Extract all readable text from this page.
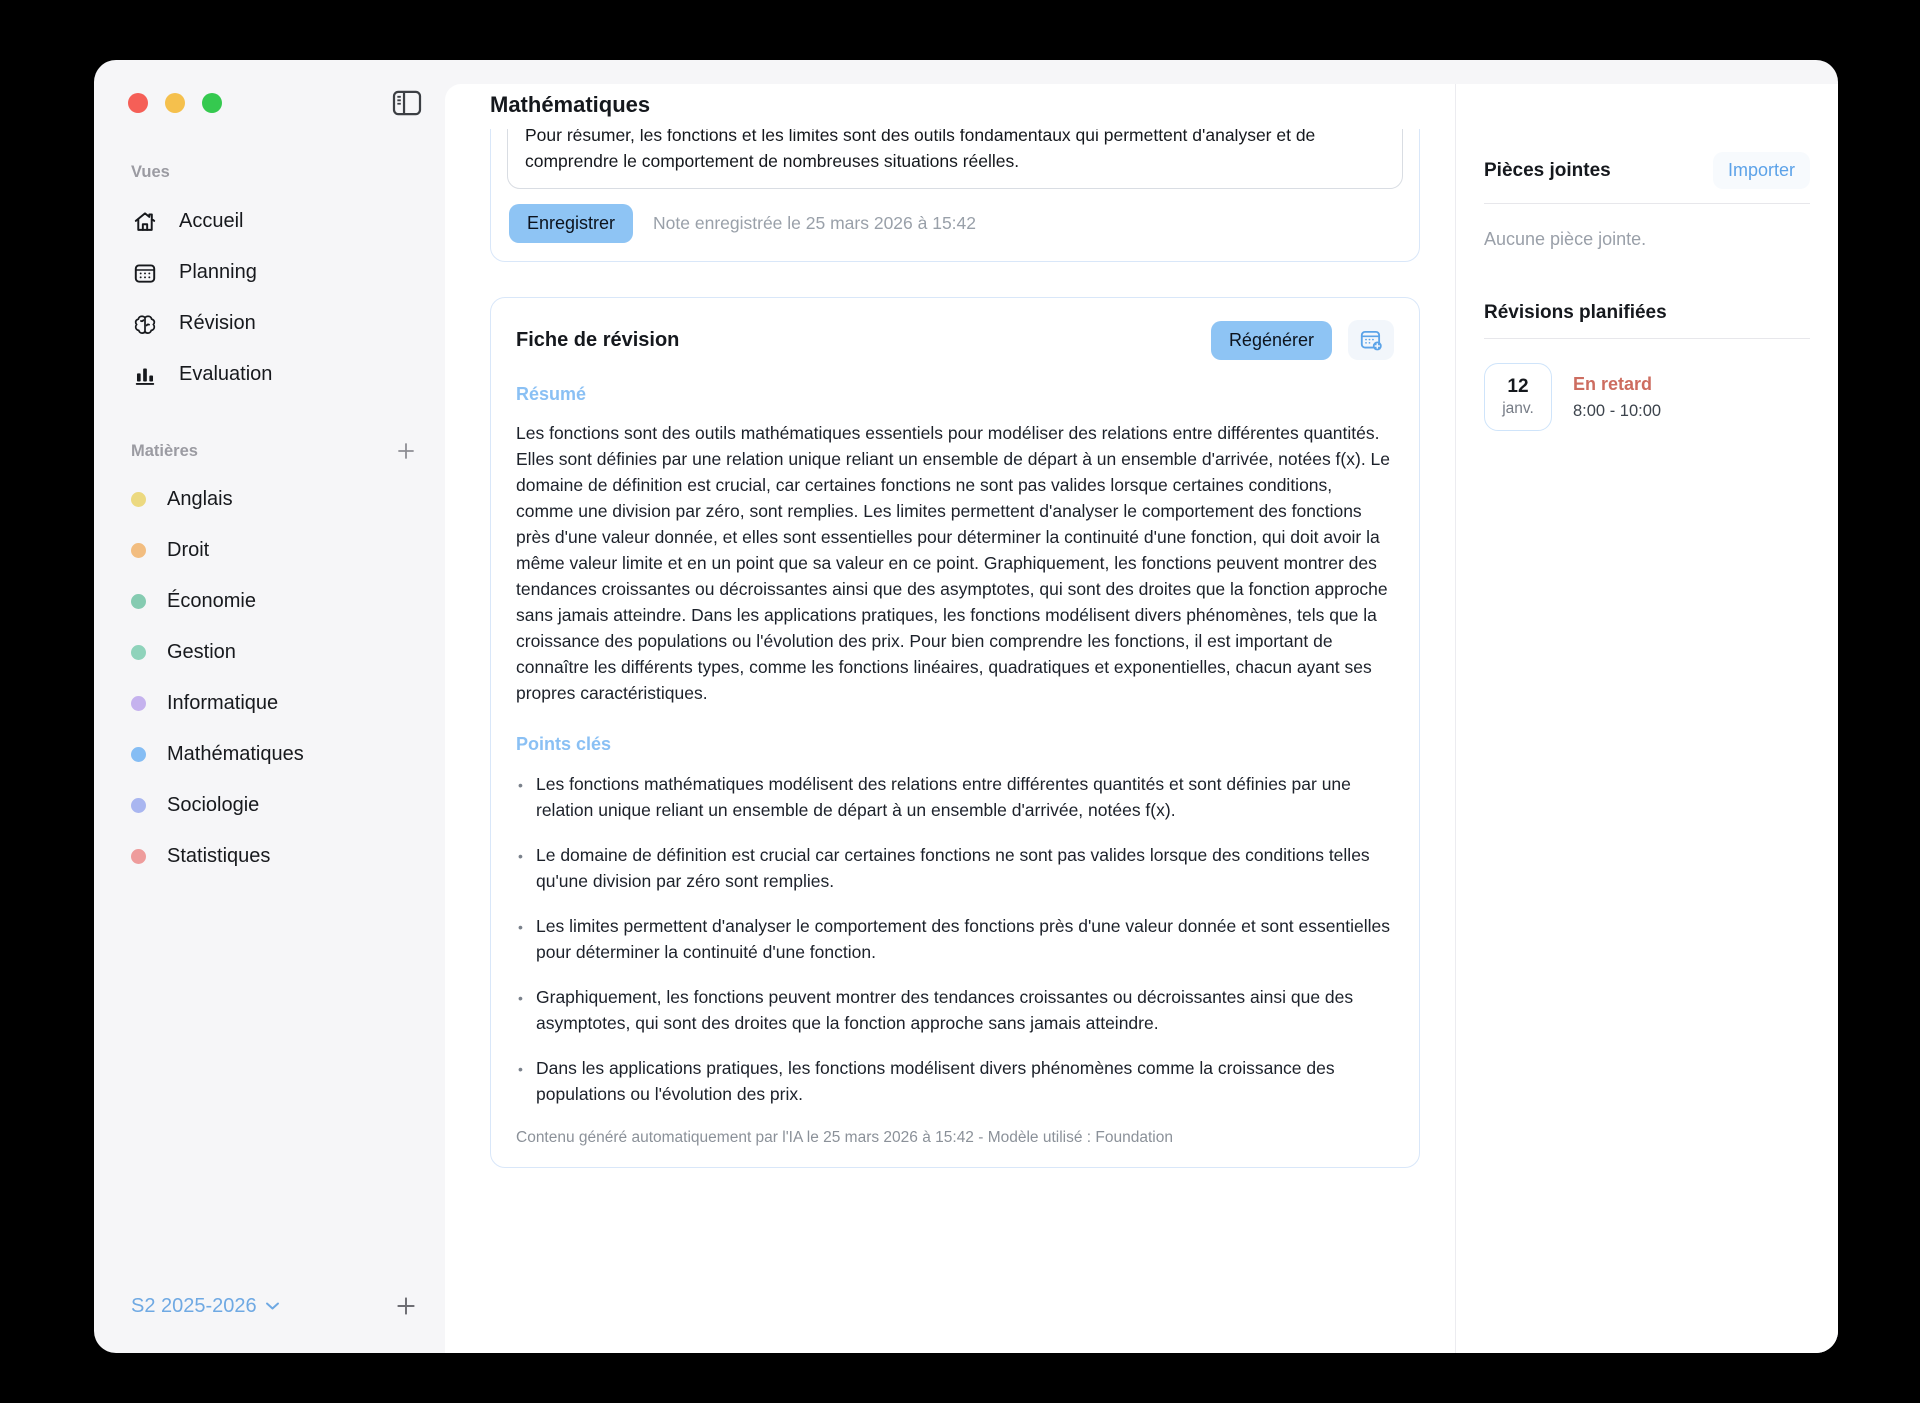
Vues
Accueil
Planning
Révision
Evaluation
Matières
Anglais
Droit
Économie
Gestion
Informatique
Mathématiques
Sociologie
Statistiques
S2 2025-2026
Mathématiques
Pour résumer, les fonctions et les limites sont des outils fondamentaux qui permettent d'analyser et de comprendre le comportement de nombreuses situations réelles.
Enregistrer	Note enregistrée le 25 mars 2026 à 15:42
Fiche de révision	Régénérer
Résumé
Les fonctions sont des outils mathématiques essentiels pour modéliser des relations entre différentes quantités. Elles sont définies par une relation unique reliant un ensemble de départ à un ensemble d'arrivée, notées f(x). Le domaine de définition est crucial, car certaines fonctions ne sont pas valides lorsque certaines conditions, comme une division par zéro, sont remplies. Les limites permettent d'analyser le comportement des fonctions près d'une valeur donnée, et elles sont essentielles pour déterminer la continuité d'une fonction, qui doit avoir la même valeur limite et en un point que sa valeur en ce point. Graphiquement, les fonctions peuvent montrer des tendances croissantes ou décroissantes ainsi que des asymptotes, qui sont des droites que la fonction approche sans jamais atteindre. Dans les applications pratiques, les fonctions modélisent divers phénomènes, tels que la croissance des populations ou l'évolution des prix. Pour bien comprendre les fonctions, il est important de connaître les différents types, comme les fonctions linéaires, quadratiques et exponentielles, chacun ayant ses propres caractéristiques.
Points clés
• Les fonctions mathématiques modélisent des relations entre différentes quantités et sont définies par une relation unique reliant un ensemble de départ à un ensemble d'arrivée, notées f(x).
• Le domaine de définition est crucial car certaines fonctions ne sont pas valides lorsque des conditions telles qu'une division par zéro sont remplies.
• Les limites permettent d'analyser le comportement des fonctions près d'une valeur donnée et sont essentielles pour déterminer la continuité d'une fonction.
• Graphiquement, les fonctions peuvent montrer des tendances croissantes ou décroissantes ainsi que des asymptotes, qui sont des droites que la fonction approche sans jamais atteindre.
• Dans les applications pratiques, les fonctions modélisent divers phénomènes comme la croissance des populations ou l'évolution des prix.
Contenu généré automatiquement par l'IA le 25 mars 2026 à 15:42 - Modèle utilisé : Foundation
Pièces jointes	Importer
Aucune pièce jointe.
Révisions planifiées
12
janv.
En retard
8:00 - 10:00
